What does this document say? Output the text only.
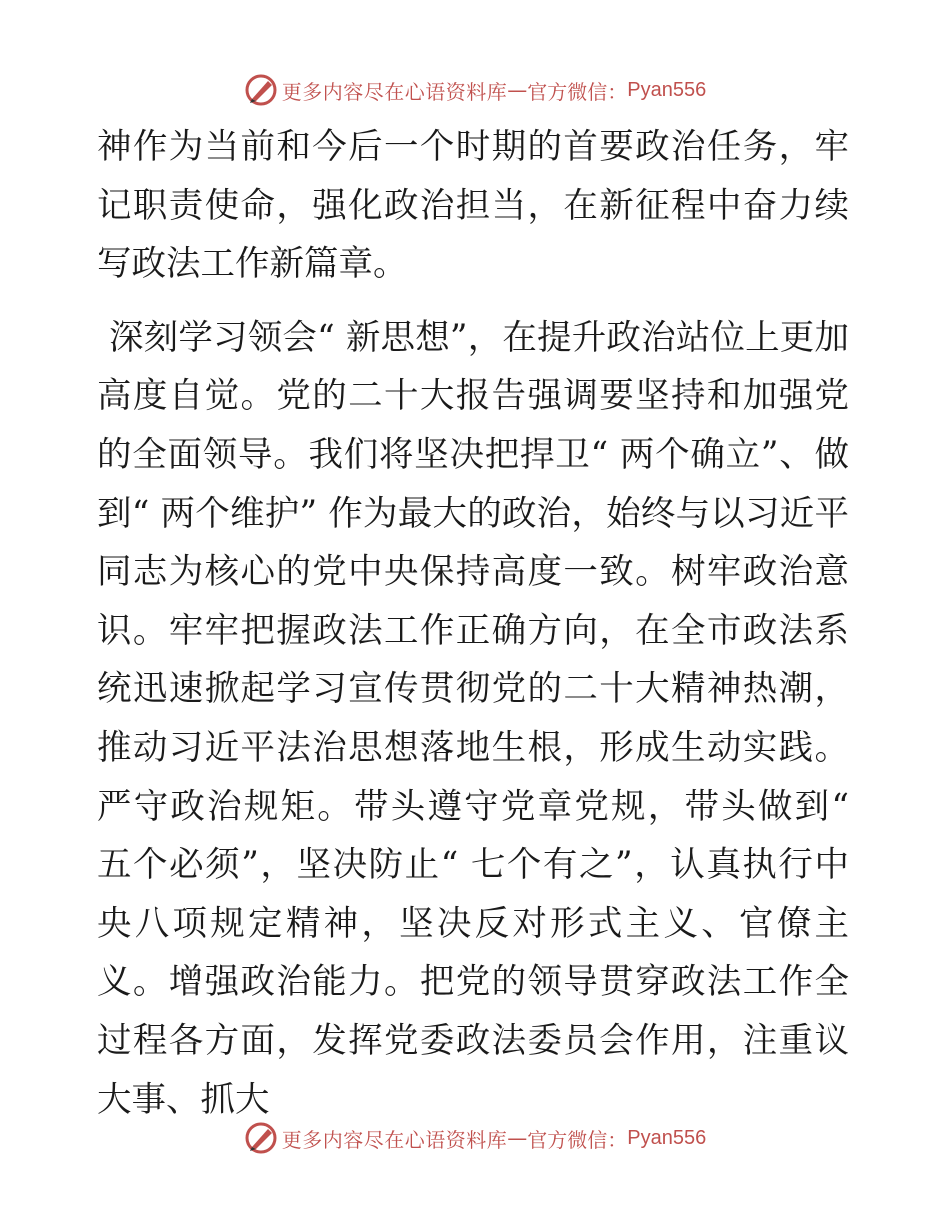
更多内容尽在心语资料库 — 官方微信： Pyan556

神作为当前和今后一个时期的首要政治任务，牢记职责使命，强化政治担当，在新征程中奋力续写政法工作新篇章。

深刻学习领会“ 新思想”，在提升政治站位上更加高度自觉。党的二十大报告强调要坚持和加强党的全面领导。我们将坚决把捍卫“ 两个确立”、做到“ 两个维护” 作为最大的政治，始终与以习近平同志为核心的党中央保持高度一致。树牢政治意识。牢牢把握政法工作正确方向，在全市政法系统迅速掀起学习宣传贯彻党的二十大精神热潮，推动习近平法治思想落地生根，形成生动实践。严守政治规矩。带头遵守党章党规，带头做到“ 五个必须”，坚决防止“ 七个有之”，认真执行中央八项规定精神，坚决反对形式主义、官僚主义。增强政治能力。把党的领导贯穿政法工作全过程各方面，发挥党委政法委员会作用，注重议大事、抓大

更多内容尽在心语资料库 — 官方微信： Pyan556
